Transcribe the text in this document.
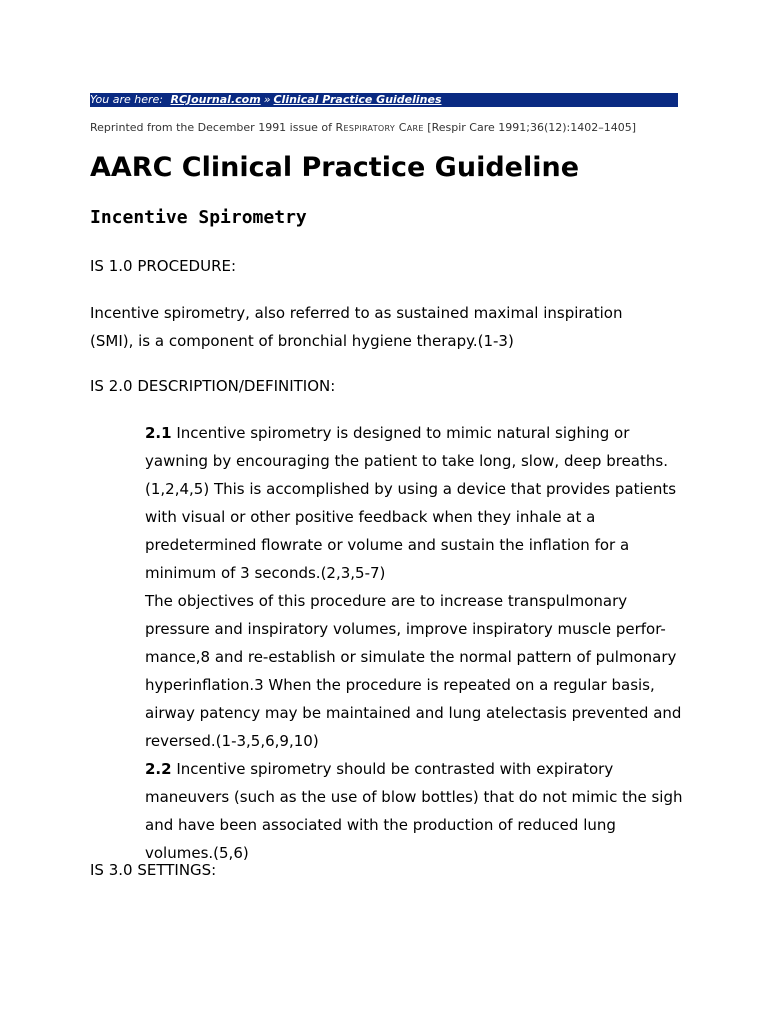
You are here: RCJournal.com » Clinical Practice Guidelines
Reprinted from the December 1991 issue of Respiratory Care [Respir Care 1991;36(12):1402–1405]
AARC Clinical Practice Guideline
Incentive Spirometry
IS 1.0 PROCEDURE:

Incentive spirometry, also referred to as sustained maximal inspiration (SMI), is a component of bronchial hygiene therapy.(1-3)

IS 2.0 DESCRIPTION/DEFINITION:

2.1 Incentive spirometry is designed to mimic natural sighing or yawning by encouraging the patient to take long, slow, deep breaths.(1,2,4,5) This is accomplished by using a device that provides patients with visual or other positive feedback when they inhale at a predetermined flowrate or volume and sustain the inflation for a minimum of 3 seconds.(2,3,5-7)

The objectives of this procedure are to increase transpulmonary pressure and inspiratory volumes, improve inspiratory muscle perfor-mance,8 and re-establish or simulate the normal pattern of pulmonary hyperinflation.3 When the procedure is repeated on a regular basis, airway patency may be maintained and lung atelectasis prevented and reversed.(1-3,5,6,9,10)

2.2 Incentive spirometry should be contrasted with expiratory maneuvers (such as the use of blow bottles) that do not mimic the sigh and have been associated with the production of reduced lung volumes.(5,6)

IS 3.0 SETTINGS:
